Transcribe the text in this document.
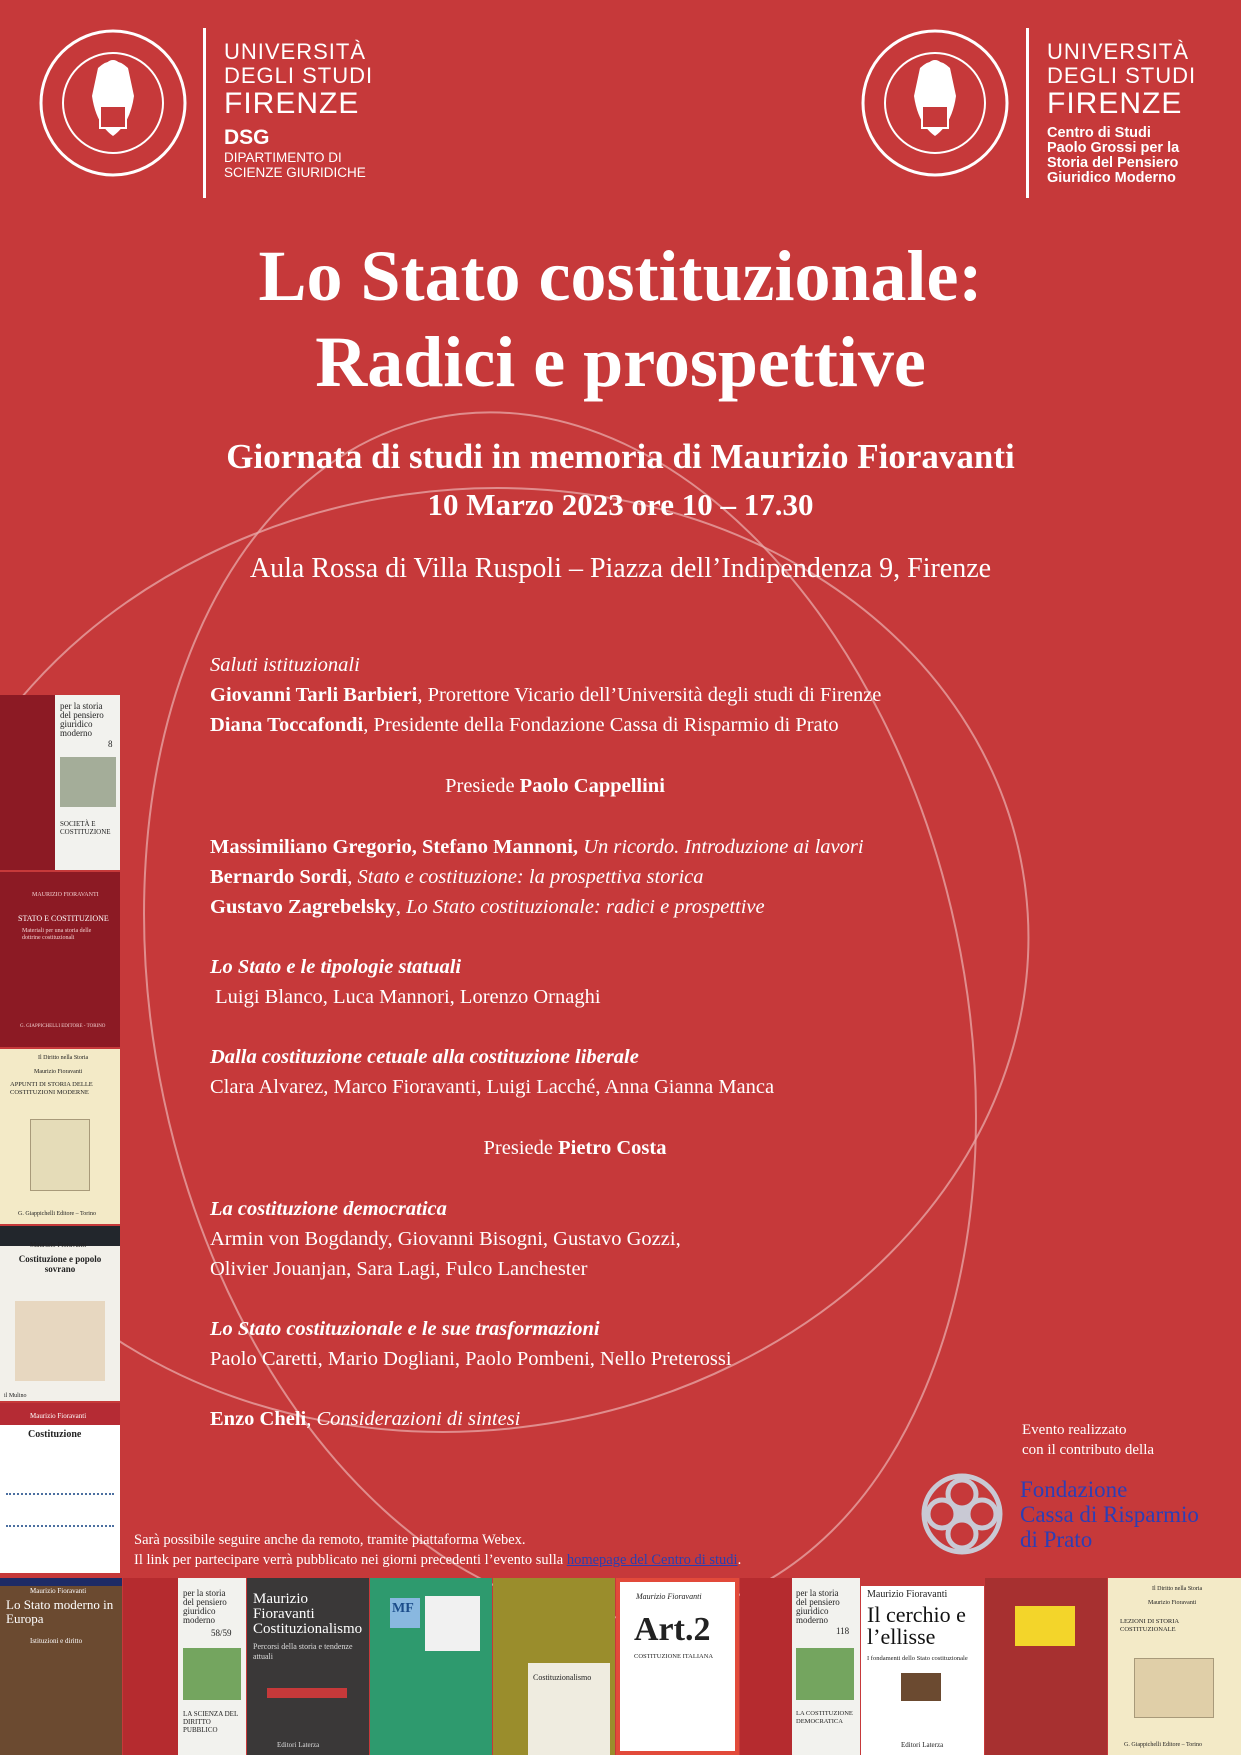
UNIVERSITÀ
DEGLI STUDI
FIRENZE
DSG
DIPARTIMENTO DI
SCIENZE GIURIDICHE
UNIVERSITÀ
DEGLI STUDI
FIRENZE
Centro di Studi
Paolo Grossi per la
Storia del Pensiero
Giuridico Moderno
Lo Stato costituzionale:
Radici e prospettive
Giornata di studi in memoria di Maurizio Fioravanti
10 Marzo 2023 ore 10 – 17.30
Aula Rossa di Villa Ruspoli – Piazza dell’Indipendenza 9, Firenze
Saluti istituzionali
Giovanni Tarli Barbieri, Prorettore Vicario dell’Università degli studi di Firenze
Diana Toccafondi, Presidente della Fondazione Cassa di Risparmio di Prato
Presiede Paolo Cappellini
Massimiliano Gregorio, Stefano Mannoni, Un ricordo. Introduzione ai lavori
Bernardo Sordi, Stato e costituzione: la prospettiva storica
Gustavo Zagrebelsky, Lo Stato costituzionale: radici e prospettive
Lo Stato e le tipologie statuali
Luigi Blanco, Luca Mannori, Lorenzo Ornaghi
Dalla costituzione cetuale alla costituzione liberale
Clara Alvarez, Marco Fioravanti, Luigi Lacché, Anna Gianna Manca
Presiede Pietro Costa
La costituzione democratica
Armin von Bogdandy, Giovanni Bisogni, Gustavo Gozzi,
Olivier Jouanjan, Sara Lagi, Fulco Lanchester
Lo Stato costituzionale e le sue trasformazioni
Paolo Caretti, Mario Dogliani, Paolo Pombeni, Nello Preterossi
Enzo Cheli, Considerazioni di sintesi	Evento realizzato
con il contributo della
Fondazione
Cassa di Risparmio
di Prato
Sarà possibile seguire anche da remoto, tramite piattaforma Webex.
Il link per partecipare verrà pubblicato nei giorni precedenti l’evento sulla homepage del Centro di studi.
per la storia
del pensiero
giuridico
moderno
8
SOCIETÀ E COSTITUZIONE
MAURIZIO FIORAVANTI
STATO E COSTITUZIONE
Materiali per una storia delle dottrine costituzionali
G. GIAPPICHELLI EDITORE - TORINO
Il Diritto nella Storia
Maurizio Fioravanti
APPUNTI DI STORIA DELLE COSTITUZIONI MODERNE
G. Giappichelli Editore – Torino
Maurizio Fioravanti
Costituzione e popolo sovrano
il Mulino
Maurizio Fioravanti
Costituzione
Maurizio Fioravanti
Lo Stato moderno in Europa
Istituzioni e diritto
per la storia
del pensiero
giuridico
moderno
58/59
LA SCIENZA DEL DIRITTO PUBBLICO
Maurizio Fioravanti
Costituzionalismo
Percorsi della storia e tendenze attuali
Editori Laterza
MF
Costituzionalismo
Maurizio Fioravanti
Art.2
COSTITUZIONE ITALIANA
per la storia
del pensiero
giuridico
moderno
118
LA COSTITUZIONE DEMOCRATICA
Maurizio Fioravanti
Il cerchio e l’ellisse
I fondamenti dello Stato costituzionale
Editori Laterza
Il Diritto nella Storia
Maurizio Fioravanti
LEZIONI DI STORIA COSTITUZIONALE
G. Giappichelli Editore – Torino
